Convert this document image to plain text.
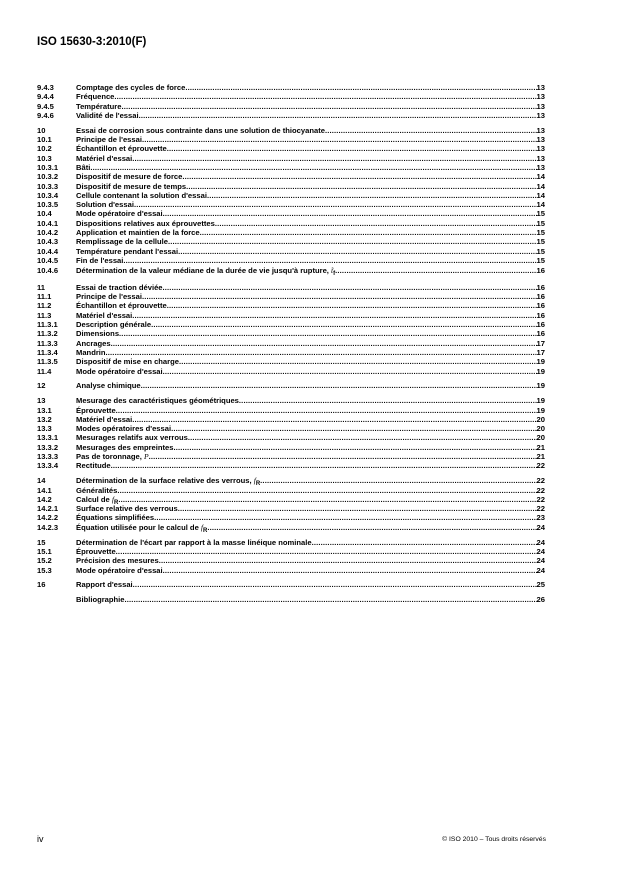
ISO 15630-3:2010(F)
9.4.3	Comptage des cycles de force .....	13
9.4.4	Fréquence .....	13
9.4.5	Température .....	13
9.4.6	Validité de l'essai .....	13
10	Essai de corrosion sous contrainte dans une solution de thiocyanate .....	13
10.1	Principe de l'essai .....	13
10.2	Échantillon et éprouvette .....	13
10.3	Matériel d'essai .....	13
10.3.1	Bâti .....	13
10.3.2	Dispositif de mesure de force .....	14
10.3.3	Dispositif de mesure de temps .....	14
10.3.4	Cellule contenant la solution d'essai .....	14
10.3.5	Solution d'essai .....	14
10.4	Mode opératoire d'essai .....	15
10.4.1	Dispositions relatives aux éprouvettes .....	15
10.4.2	Application et maintien de la force .....	15
10.4.3	Remplissage de la cellule .....	15
10.4.4	Température pendant l'essai .....	15
10.4.5	Fin de l'essai .....	15
10.4.6	Détermination de la valeur médiane de la durée de vie jusqu'à rupture, $t̃_f$ .....	16
11	Essai de traction déviée .....	16
11.1	Principe de l'essai .....	16
11.2	Échantillon et éprouvette .....	16
11.3	Matériel d'essai .....	16
11.3.1	Description générale .....	16
11.3.2	Dimensions .....	16
11.3.3	Ancrages .....	17
11.3.4	Mandrin .....	17
11.3.5	Dispositif de mise en charge .....	19
11.4	Mode opératoire d'essai .....	19
12	Analyse chimique .....	19
13	Mesurage des caractéristiques géométriques .....	19
13.1	Éprouvette .....	19
13.2	Matériel d'essai .....	20
13.3	Modes opératoires d'essai .....	20
13.3.1	Mesurages relatifs aux verrous .....	20
13.3.2	Mesurages des empreintes .....	21
13.3.3	Pas de toronnage, P .....	21
13.3.4	Rectitude .....	22
14	Détermination de la surface relative des verrous, $f_R$ .....	22
14.1	Généralités .....	22
14.2	Calcul de $f_R$ .....	22
14.2.1	Surface relative des verrous .....	22
14.2.2	Équations simplifiées .....	23
14.2.3	Équation utilisée pour le calcul de $f_R$ .....	24
15	Détermination de l'écart par rapport à la masse linéique nominale .....	24
15.1	Éprouvette .....	24
15.2	Précision des mesures .....	24
15.3	Mode opératoire d'essai .....	24
16	Rapport d'essai .....	25
Bibliographie .....	26
iv	© ISO 2010 – Tous droits réservés
